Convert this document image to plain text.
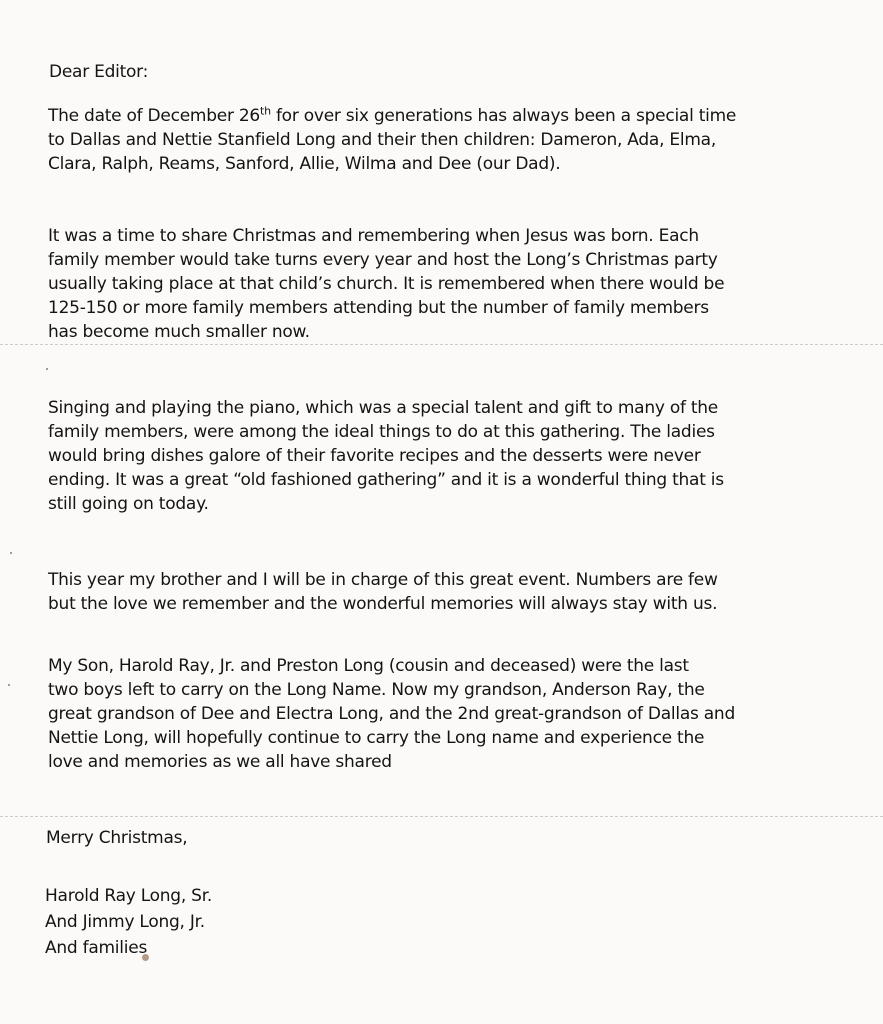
Dear Editor:
The date of December 26th for over six generations has always been a special time
to Dallas and Nettie Stanfield Long and their then children: Dameron, Ada, Elma,
Clara, Ralph, Reams, Sanford, Allie, Wilma and Dee (our Dad).
It was a time to share Christmas and remembering when Jesus was born. Each
family member would take turns every year and host the Long’s Christmas party
usually taking place at that child’s church. It is remembered when there would be
125-150 or more family members attending but the number of family members
has become much smaller now.
Singing and playing the piano, which was a special talent and gift to many of the
family members, were among the ideal things to do at this gathering. The ladies
would bring dishes galore of their favorite recipes and the desserts were never
ending. It was a great “old fashioned gathering” and it is a wonderful thing that is
still going on today.
This year my brother and I will be in charge of this great event. Numbers are few
but the love we remember and the wonderful memories will always stay with us.
My Son, Harold Ray, Jr. and Preston Long (cousin and deceased) were the last
two boys left to carry on the Long Name. Now my grandson, Anderson Ray, the
great grandson of Dee and Electra Long, and the 2nd great-grandson of Dallas and
Nettie Long, will hopefully continue to carry the Long name and experience the
love and memories as we all have shared
Merry Christmas,
Harold Ray Long, Sr.
And Jimmy Long, Jr.
And families
